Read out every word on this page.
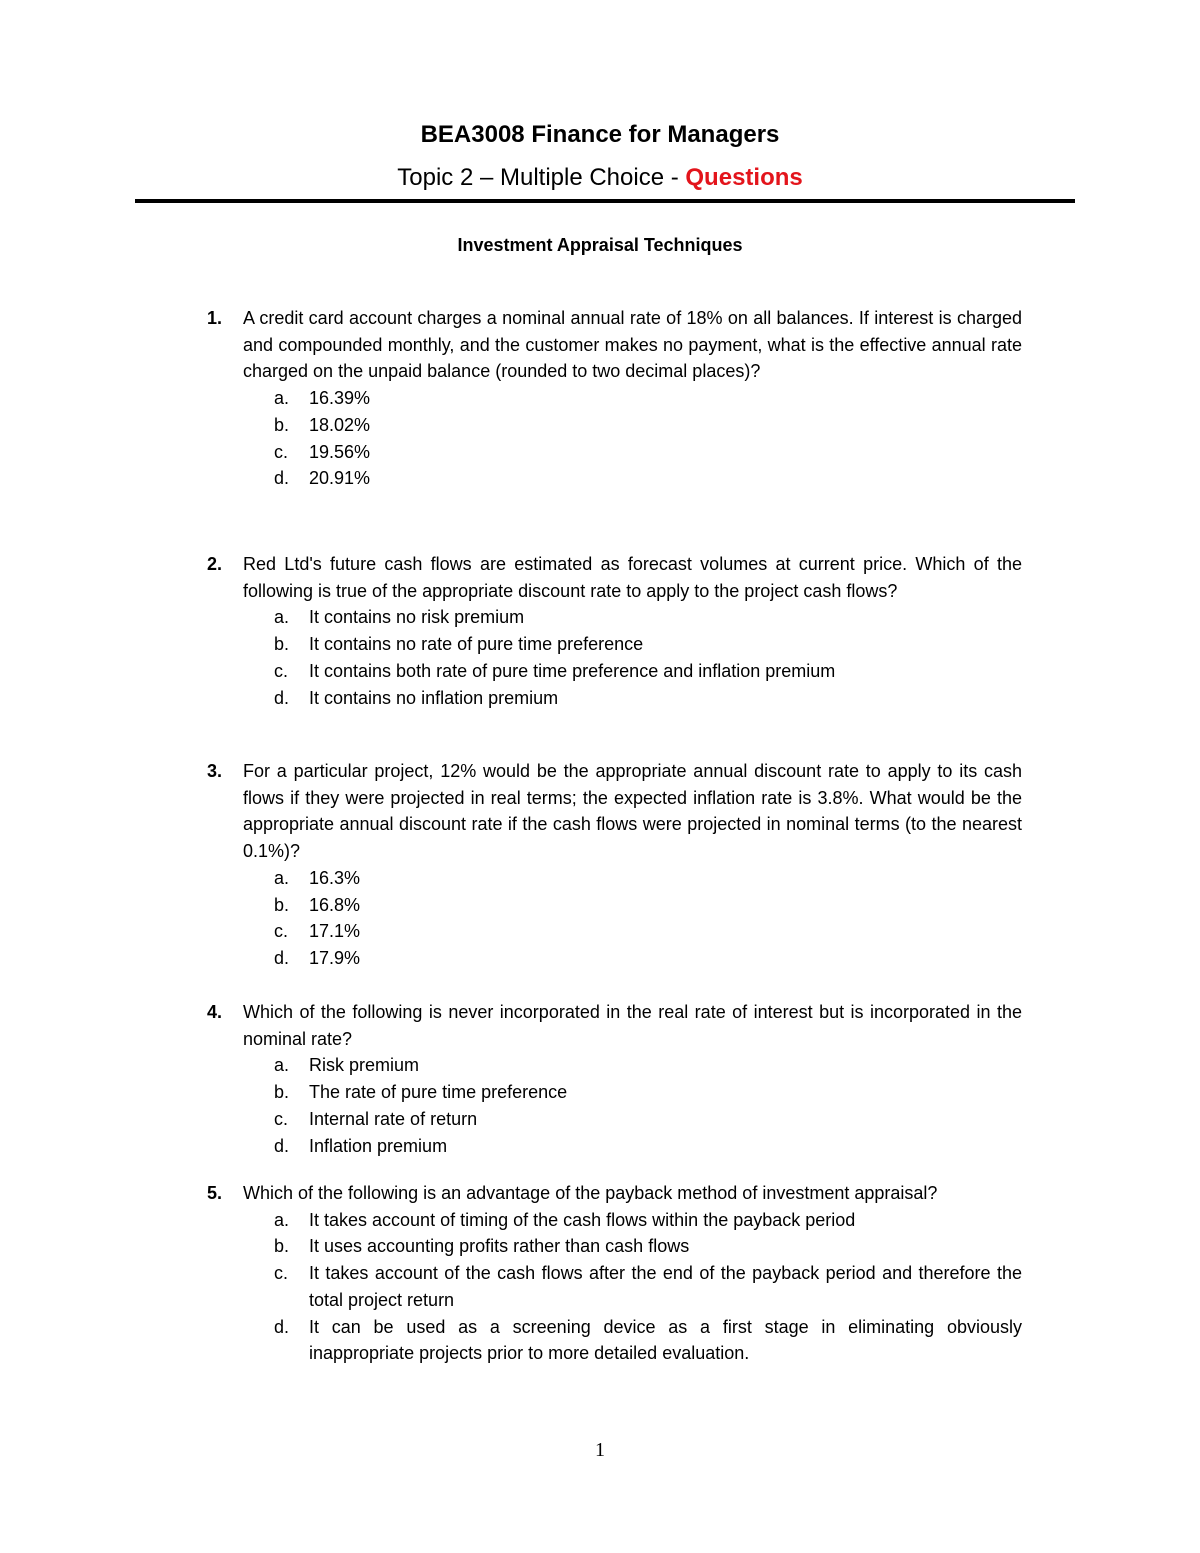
BEA3008 Finance for Managers
Topic 2 – Multiple Choice - Questions
Investment Appraisal Techniques
1.	A credit card account charges a nominal annual rate of 18% on all balances. If interest is charged and compounded monthly, and the customer makes no payment, what is the effective annual rate charged on the unpaid balance (rounded to two decimal places)?
a. 16.39%
b. 18.02%
c. 19.56%
d. 20.91%
2.	Red Ltd's future cash flows are estimated as forecast volumes at current price. Which of the following is true of the appropriate discount rate to apply to the project cash flows?
a. It contains no risk premium
b. It contains no rate of pure time preference
c. It contains both rate of pure time preference and inflation premium
d. It contains no inflation premium
3.	For a particular project, 12% would be the appropriate annual discount rate to apply to its cash flows if they were projected in real terms; the expected inflation rate is 3.8%. What would be the appropriate annual discount rate if the cash flows were projected in nominal terms (to the nearest 0.1%)?
a. 16.3%
b. 16.8%
c. 17.1%
d. 17.9%
4.	Which of the following is never incorporated in the real rate of interest but is incorporated in the nominal rate?
a. Risk premium
b. The rate of pure time preference
c. Internal rate of return
d. Inflation premium
5.	Which of the following is an advantage of the payback method of investment appraisal?
a. It takes account of timing of the cash flows within the payback period
b. It uses accounting profits rather than cash flows
c. It takes account of the cash flows after the end of the payback period and therefore the total project return
d. It can be used as a screening device as a first stage in eliminating obviously inappropriate projects prior to more detailed evaluation.
1
